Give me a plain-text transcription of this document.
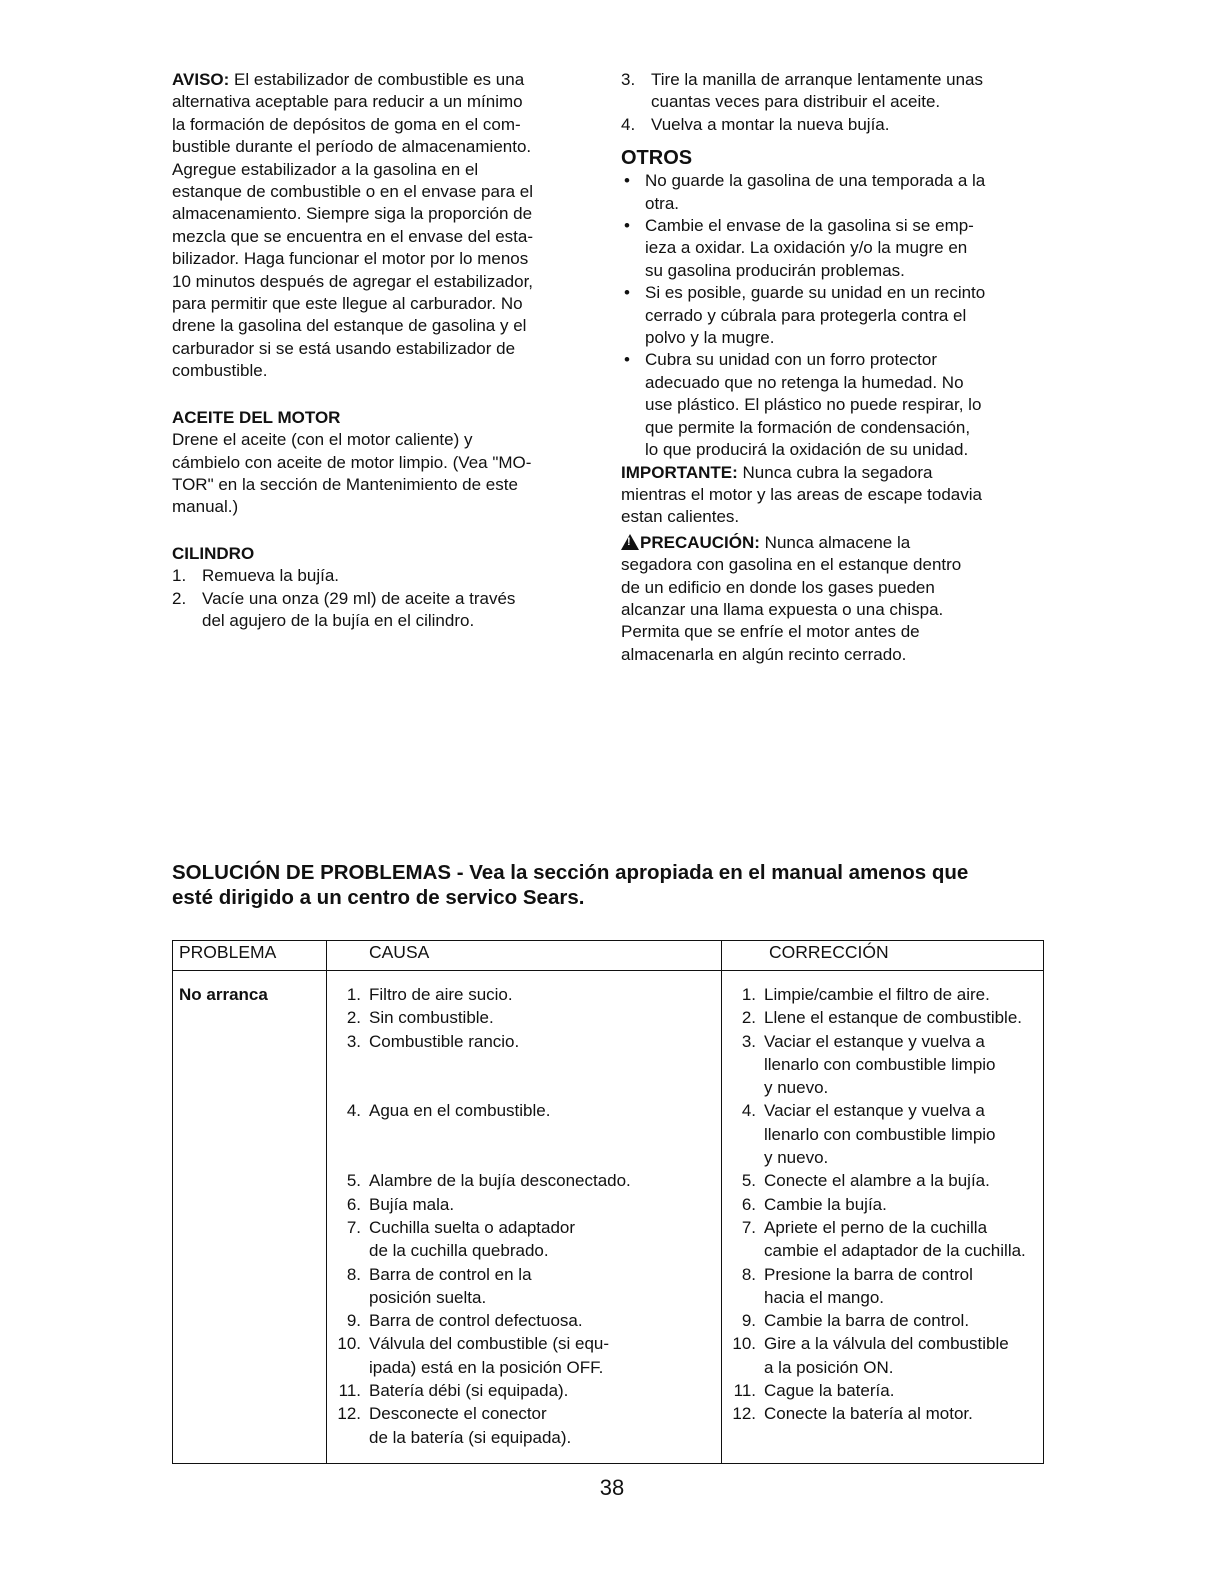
AVISO: El estabilizador de combustible es una
alternativa aceptable para reducir a un mínimo
la formación de depósitos de goma en el com-
bustible durante el período de almacenamiento.
Agregue estabilizador a la gasolina en el
estanque de combustible o en el envase para el
almacenamiento. Siempre siga la proporción de
mezcla que se encuentra en el envase del esta-
bilizador. Haga funcionar el motor por lo menos
10 minutos después de agregar el estabilizador,
para permitir que este llegue al carburador. No
drene la gasolina del estanque de gasolina y el
carburador si se está usando estabilizador de
combustible.

ACEITE DEL MOTOR

Drene el aceite (con el motor caliente) y
cámbielo con aceite de motor limpio. (Vea "MO-
TOR" en la sección de Mantenimiento de este
manual.)

CILINDRO
1. Remueva la bujía.
2. Vacíe una onza (29 ml) de aceite a través
del agujero de la bujía en el cilindro.
3. Tire la manilla de arranque lentamente unas
cuantas veces para distribuir el aceite.
4. Vuelva a montar la nueva bujía.
OTROS
• No guarde la gasolina de una temporada a la
otra.
• Cambie el envase de la gasolina si se emp-
ieza a oxidar. La oxidación y/o la mugre en
su gasolina producirán problemas.
• Si es posible, guarde su unidad en un recinto
cerrado y cúbrala para protegerla contra el
polvo y la mugre.
• Cubra su unidad con un forro protector
adecuado que no retenga la humedad. No
use plástico. El plástico no puede respirar, lo
que permite la formación de condensación,
lo que producirá la oxidación de su unidad.

IMPORTANTE: Nunca cubra la segadora
mientras el motor y las areas de escape todavia
estan calientes.

!PRECAUCIÓN: Nunca almacene la
segadora con gasolina en el estanque dentro
de un edificio en donde los gases pueden
alcanzar una llama expuesta o una chispa.
Permita que se enfríe el motor antes de
almacenarla en algún recinto cerrado.

SOLUCIÓN DE PROBLEMAS - Vea la sección apropiada en el manual amenos que
esté dirigido a un centro de servico Sears.
PROBLEMA	CAUSA	CORRECCIÓN
No arranca	1. Filtro de aire sucio.	1. Limpie/cambie el filtro de aire.

	2. Sin combustible.	2. Llene el estanque de combustible.

	3. Combustible rancio.	3. Vaciar el estanque y vuelva a
llenarlo con combustible limpio
y nuevo.

	4. Agua en el combustible.	4. Vaciar el estanque y vuelva a
llenarlo con combustible limpio
y nuevo.

	5. Alambre de la bujía desconectado.	5. Conecte el alambre a la bujía.

	6. Bujía mala.	6. Cambie la bujía.

	7. Cuchilla suelta o adaptador
de la cuchilla quebrado.	7. Apriete el perno de la cuchilla
cambie el adaptador de la cuchilla.

	8. Barra de control en la
posición suelta.	8. Presione la barra de control
hacia el mango.

	9. Barra de control defectuosa.	9. Cambie la barra de control.

	10. Válvula del combustible (si equ-
ipada) está en la posición OFF.	10. Gire a la válvula del combustible
a la posición ON.

	11. Batería débi (si equipada).	11. Cague la batería.

	12. Desconecte el conector
de la batería (si equipada).	12. Conecte la batería al motor.
38
